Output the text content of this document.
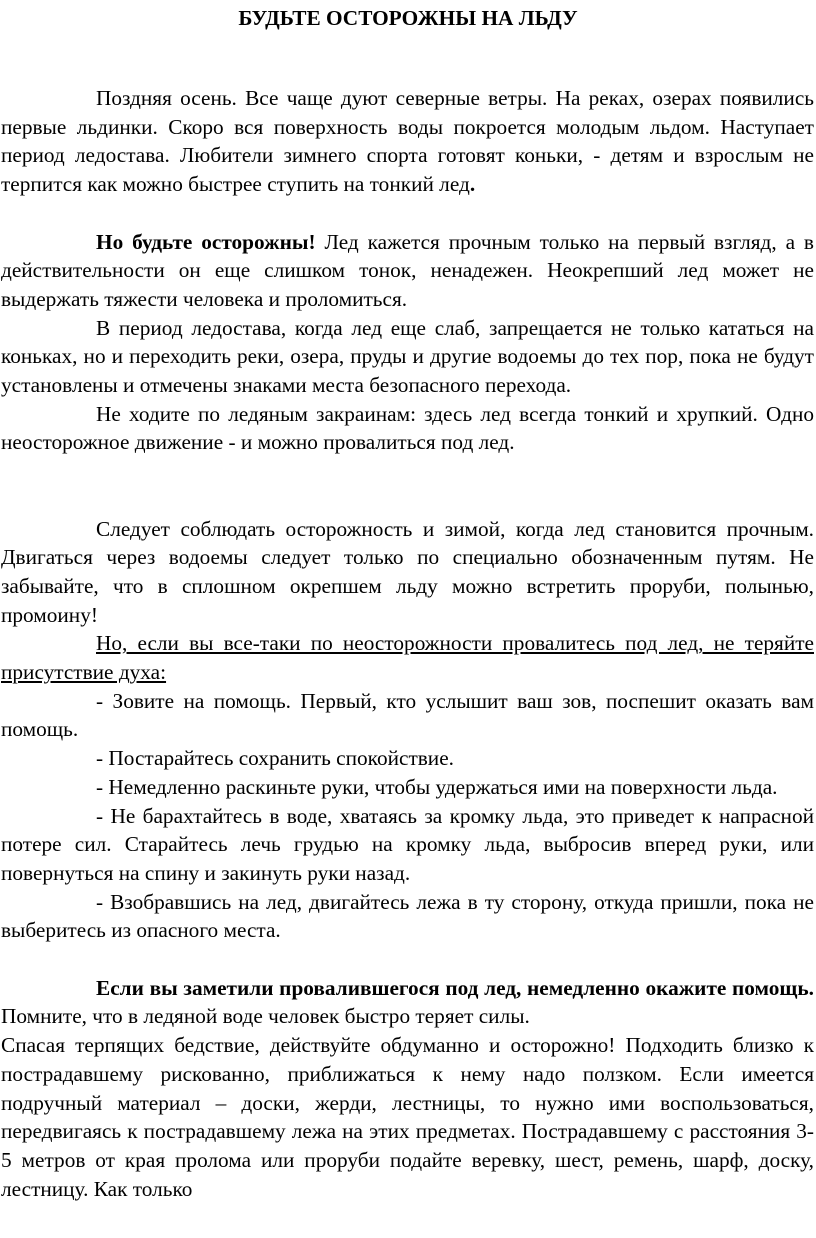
БУДЬТЕ ОСТОРОЖНЫ НА ЛЬДУ

Поздняя осень. Все чаще дуют северные ветры. На реках, озерах появились первые льдинки. Скоро вся поверхность воды покроется молодым льдом. Наступает период ледостава. Любители зимнего спорта готовят коньки, - детям и взрослым не терпится как можно быстрее ступить на тонкий лед.

Но будьте осторожны! Лед кажется прочным только на первый взгляд, а в действительности он еще слишком тонок, ненадежен. Неокрепший лед может не выдержать тяжести человека и проломиться.

В период ледостава, когда лед еще слаб, запрещается не только кататься на коньках, но и переходить реки, озера, пруды и другие водоемы до тех пор, пока не будут установлены и отмечены знаками места безопасного перехода.

Не ходите по ледяным закраинам: здесь лед всегда тонкий и хрупкий. Одно неосторожное движение - и можно провалиться под лед.

Следует соблюдать осторожность и зимой, когда лед становится прочным. Двигаться через водоемы следует только по специально обозначенным путям. Не забывайте, что в сплошном окрепшем льду можно встретить проруби, полынью, промоину!

Но, если вы все-таки по неосторожности провалитесь под лед, не теряйте присутствие духа:

- Зовите на помощь. Первый, кто услышит ваш зов, поспешит оказать вам помощь.

- Постарайтесь сохранить спокойствие.

- Немедленно раскиньте руки, чтобы удержаться ими на поверхности льда.

- Не барахтайтесь в воде, хватаясь за кромку льда, это приведет к напрасной потере сил. Старайтесь лечь грудью на кромку льда, выбросив вперед руки, или повернуться на спину и закинуть руки назад.

- Взобравшись на лед, двигайтесь лежа в ту сторону, откуда пришли, пока не выберитесь из опасного места.

Если вы заметили провалившегося под лед, немедленно окажите помощь. Помните, что в ледяной воде человек быстро теряет силы.

Спасая терпящих бедствие, действуйте обдуманно и осторожно! Подходить близко к пострадавшему рискованно, приближаться к нему надо ползком. Если имеется подручный материал – доски, жерди, лестницы, то нужно ими воспользоваться, передвигаясь к пострадавшему лежа на этих предметах. Пострадавшему с расстояния 3-5 метров от края пролома или проруби подайте веревку, шест, ремень, шарф, доску, лестницу. Как только
